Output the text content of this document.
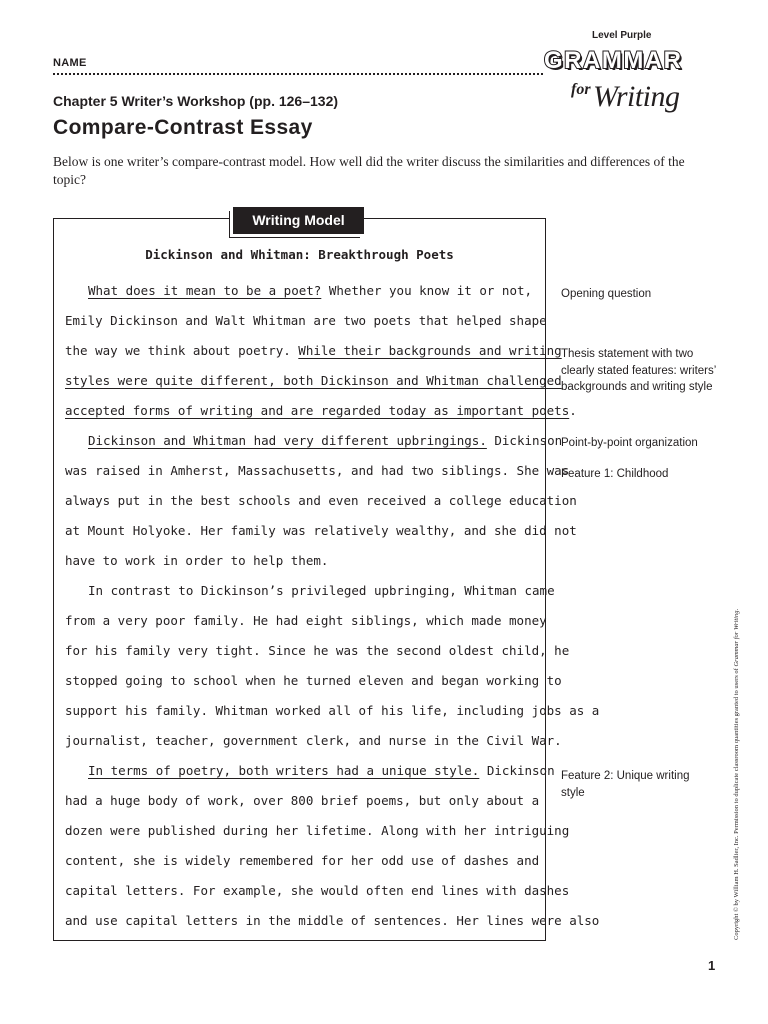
Level Purple
NAME	GRAMMAR
for Writing
Chapter 5 Writer’s Workshop (pp. 126–132)
Compare-Contrast Essay
Below is one writer’s compare-contrast model. How well did the writer discuss the similarities and differences of the topic?
Dickinson and Whitman: Breakthrough Poets
What does it mean to be a poet? Whether you know it or not,
Emily Dickinson and Walt Whitman are two poets that helped shape
the way we think about poetry. While their backgrounds and writing
styles were quite different, both Dickinson and Whitman challenged
accepted forms of writing and are regarded today as important poets.
Dickinson and Whitman had very different upbringings. Dickinson
was raised in Amherst, Massachusetts, and had two siblings. She was
always put in the best schools and even received a college education
at Mount Holyoke. Her family was relatively wealthy, and she did not
have to work in order to help them.
In contrast to Dickinson’s privileged upbringing, Whitman came
from a very poor family. He had eight siblings, which made money
for his family very tight. Since he was the second oldest child, he
stopped going to school when he turned eleven and began working to
support his family. Whitman worked all of his life, including jobs as a
journalist, teacher, government clerk, and nurse in the Civil War.
In terms of poetry, both writers had a unique style. Dickinson
had a huge body of work, over 800 brief poems, but only about a
dozen were published during her lifetime. Along with her intriguing
content, she is widely remembered for her odd use of dashes and
capital letters. For example, she would often end lines with dashes
and use capital letters in the middle of sentences. Her lines were also
Writing Model
Opening question
Thesis statement with two clearly stated features: writers’ backgrounds and writing style
Point-by-point organization
Feature 1: Childhood
Feature 2: Unique writing style	Copyright © by William H. Sadlier, Inc. Permission to duplicate classroom quantities granted to users of Grammar for Writing.
1
